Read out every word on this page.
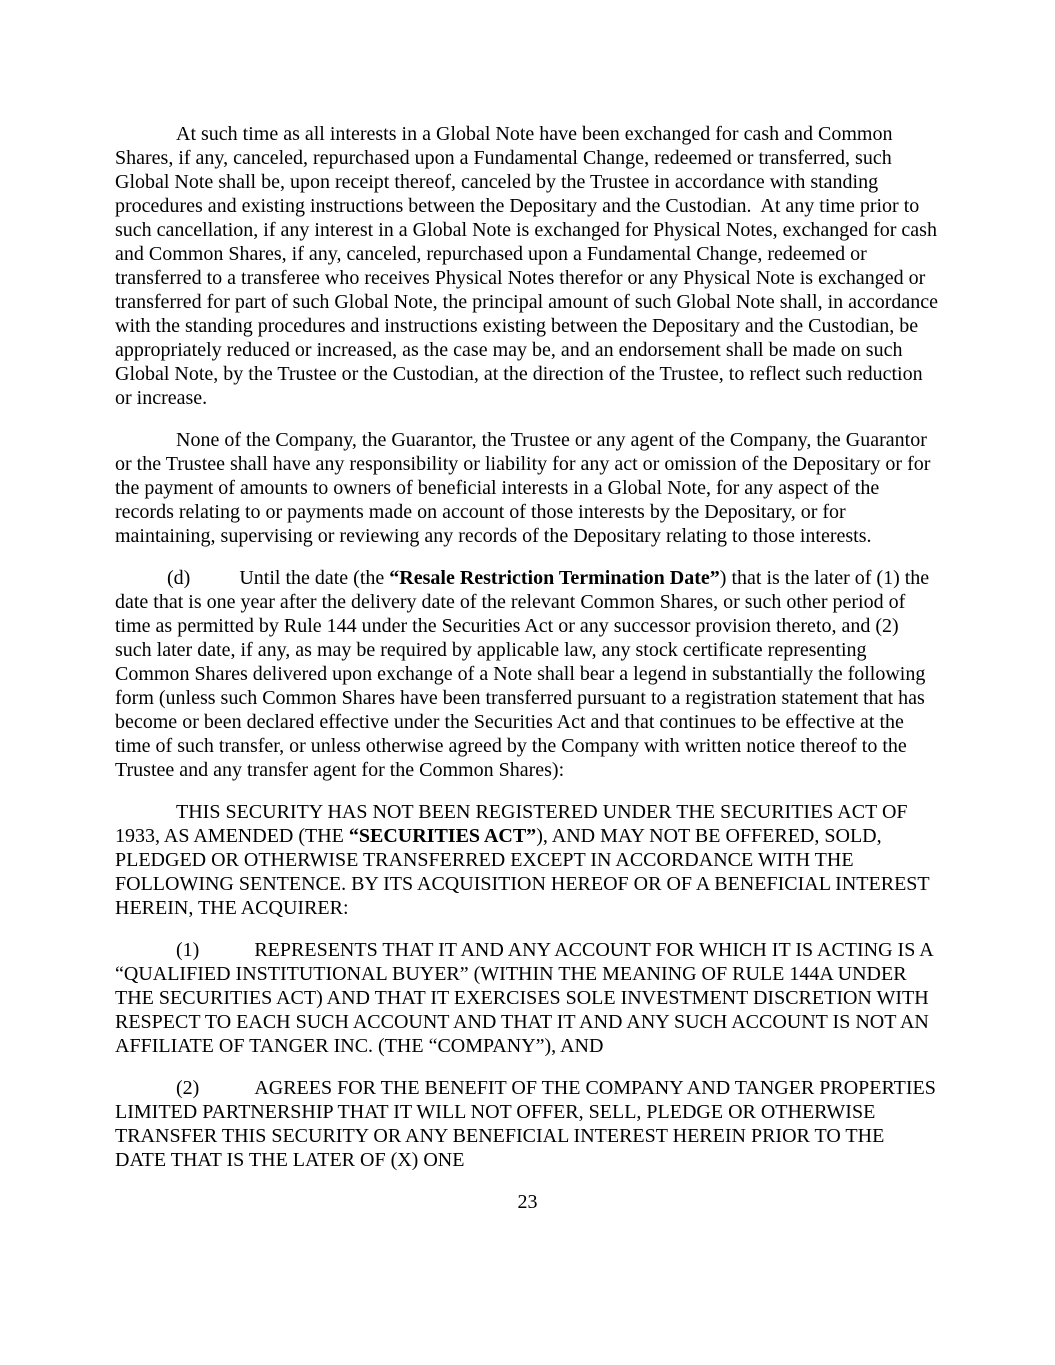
At such time as all interests in a Global Note have been exchanged for cash and Common Shares, if any, canceled, repurchased upon a Fundamental Change, redeemed or transferred, such Global Note shall be, upon receipt thereof, canceled by the Trustee in accordance with standing procedures and existing instructions between the Depositary and the Custodian.  At any time prior to such cancellation, if any interest in a Global Note is exchanged for Physical Notes, exchanged for cash and Common Shares, if any, canceled, repurchased upon a Fundamental Change, redeemed or transferred to a transferee who receives Physical Notes therefor or any Physical Note is exchanged or transferred for part of such Global Note, the principal amount of such Global Note shall, in accordance with the standing procedures and instructions existing between the Depositary and the Custodian, be appropriately reduced or increased, as the case may be, and an endorsement shall be made on such Global Note, by the Trustee or the Custodian, at the direction of the Trustee, to reflect such reduction or increase.

None of the Company, the Guarantor, the Trustee or any agent of the Company, the Guarantor or the Trustee shall have any responsibility or liability for any act or omission of the Depositary or for the payment of amounts to owners of beneficial interests in a Global Note, for any aspect of the records relating to or payments made on account of those interests by the Depositary, or for maintaining, supervising or reviewing any records of the Depositary relating to those interests.

(d) Until the date (the “Resale Restriction Termination Date”) that is the later of (1) the date that is one year after the delivery date of the relevant Common Shares, or such other period of time as permitted by Rule 144 under the Securities Act or any successor provision thereto, and (2) such later date, if any, as may be required by applicable law, any stock certificate representing Common Shares delivered upon exchange of a Note shall bear a legend in substantially the following form (unless such Common Shares have been transferred pursuant to a registration statement that has become or been declared effective under the Securities Act and that continues to be effective at the time of such transfer, or unless otherwise agreed by the Company with written notice thereof to the Trustee and any transfer agent for the Common Shares):

THIS SECURITY HAS NOT BEEN REGISTERED UNDER THE SECURITIES ACT OF 1933, AS AMENDED (THE “SECURITIES ACT”), AND MAY NOT BE OFFERED, SOLD, PLEDGED OR OTHERWISE TRANSFERRED EXCEPT IN ACCORDANCE WITH THE FOLLOWING SENTENCE. BY ITS ACQUISITION HEREOF OR OF A BENEFICIAL INTEREST HEREIN, THE ACQUIRER:

(1)	REPRESENTS THAT IT AND ANY ACCOUNT FOR WHICH IT IS ACTING IS A “QUALIFIED INSTITUTIONAL BUYER” (WITHIN THE MEANING OF RULE 144A UNDER THE SECURITIES ACT) AND THAT IT EXERCISES SOLE INVESTMENT DISCRETION WITH RESPECT TO EACH SUCH ACCOUNT AND THAT IT AND ANY SUCH ACCOUNT IS NOT AN AFFILIATE OF TANGER INC. (THE “COMPANY”), AND

(2)	AGREES FOR THE BENEFIT OF THE COMPANY AND TANGER PROPERTIES LIMITED PARTNERSHIP THAT IT WILL NOT OFFER, SELL, PLEDGE OR OTHERWISE TRANSFER THIS SECURITY OR ANY BENEFICIAL INTEREST HEREIN PRIOR TO THE DATE THAT IS THE LATER OF (X) ONE

23
